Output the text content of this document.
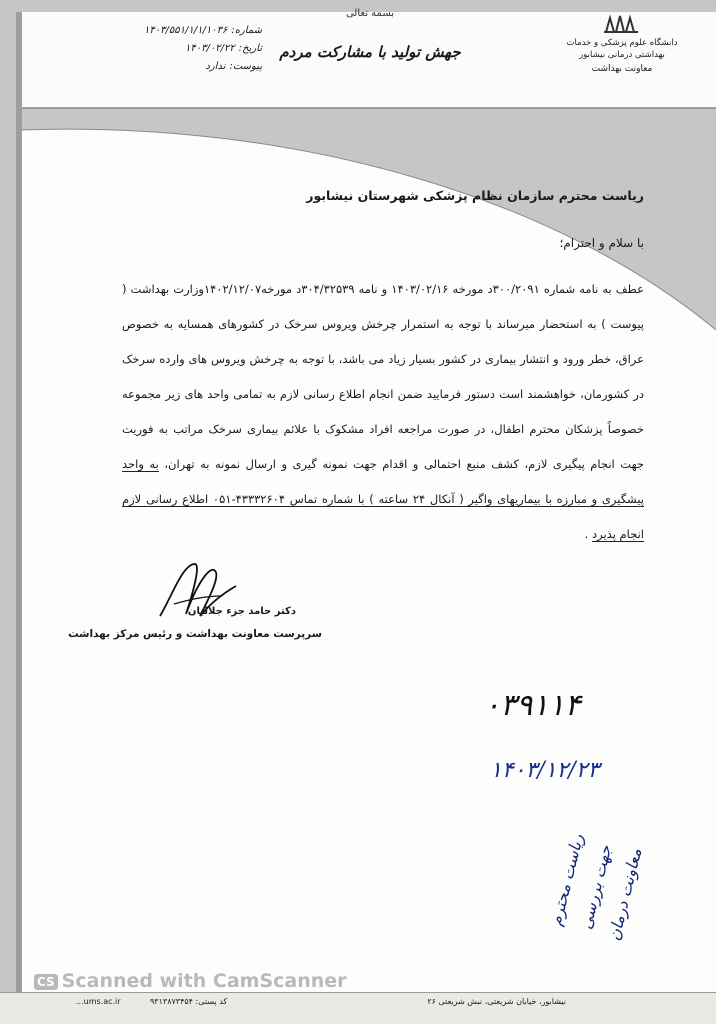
دانشگاه علوم پزشکی و خدمات بهداشتی درمانی نیشابور
معاونت بهداشت
بسمه تعالی
جهش تولید با مشارکت مردم
شماره:
۱۴۰۳/۵۵۱/۱/۱/۱۰۳۶
تاریخ:
۱۴۰۳/۰۲/۲۲
پیوست:
ندارد
ریاست محترم سازمان نظام پزشکی شهرستان نیشابور
با سلام و احترام؛
عطف به نامه شماره ۳۰۰/۲۰۹۱د مورخه ۱۴۰۳/۰۲/۱۶ و نامه ۳۰۴/۳۲۵۳۹د مورخه۱۴۰۲/۱۲/۰۷وزارت بهداشت ( پیوست ) به استحضار میرساند با توجه به استمرار چرخش ویروس سرخک در کشورهای همسایه به خصوص عراق، خطر ورود و انتشار بیماری در کشور بسیار زیاد می باشد، با توجه به چرخش ویروس های وارده سرخک در کشورمان، خواهشمند است دستور فرمایید ضمن انجام اطلاع رسانی لازم به تمامی واحد های زیر مجموعه خصوصاً پزشکان محترم اطفال، در صورت مراجعه افراد مشکوک با علائم بیماری سرخک مراتب به فوریت جهت انجام پیگیری لازم، کشف منبع احتمالی و اقدام جهت نمونه گیری و ارسال نمونه به تهران، به واحد پیشگیری و مبارزه با بیماریهای واگیر ( آنکال ۲۴ ساعته ) با شماره تماس ۴۳۳۳۲۶۰۴-۰۵۱ اطلاع رسانی لازم انجام پذیرد .
دکتر حامد جزء جلالیان
سرپرست معاونت بهداشت و رئیس مرکز بهداشت
۰۳۹۱۱۴
۱۴۰۳/۱۲/۲۳
ریاست محترم
جهت بررسی
معاونت درمان
CS Scanned with CamScanner
نیشابور، خیابان شریعتی، نبش شریعتی ۲۶
کد پستی: ۹۳۱۳۸۷۳۴۵۴
...ums.ac.ir
